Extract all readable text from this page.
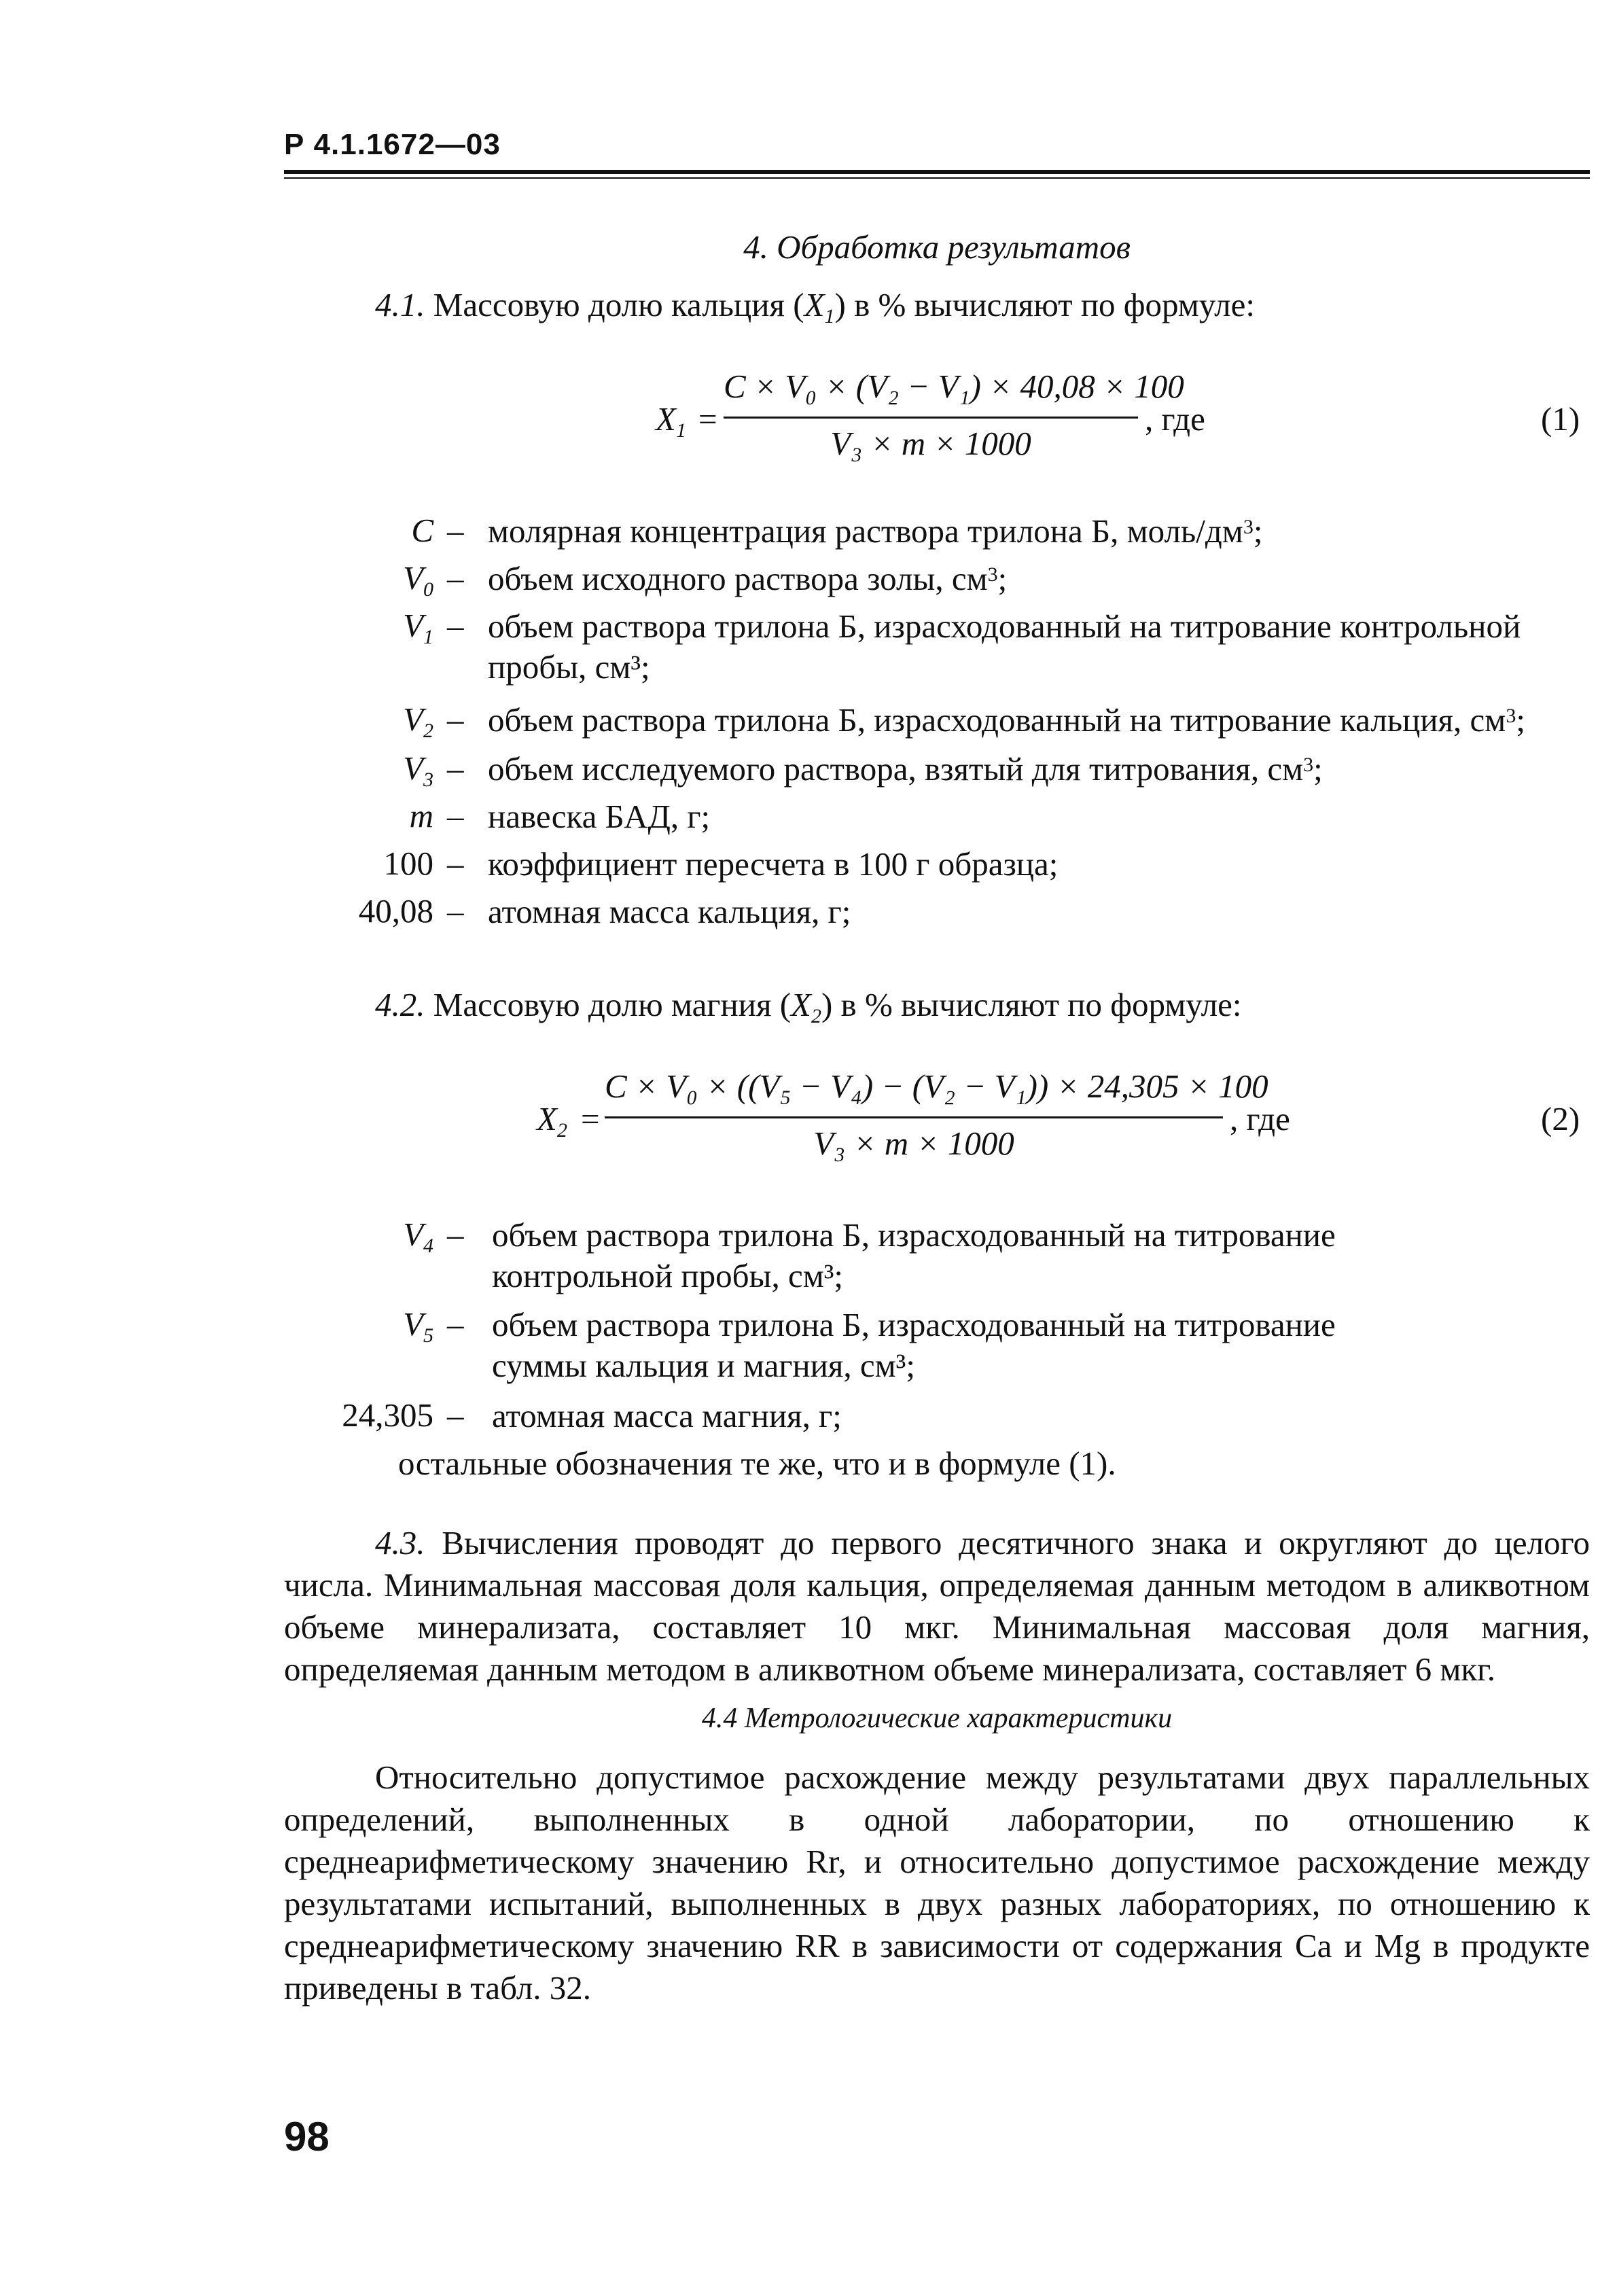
Р 4.1.1672—03
4. Обработка результатов
4.1. Массовую долю кальция $(X_1)$ в % вычисляют по формуле:
$X_1$ =
C × V₀ × (V₂ − V₁) × 40,08 × 100
V₃ × m × 1000
, где	(1)
C – молярная концентрация раствора трилона Б, моль/$дм^3$;
$V_0$ – объем исходного раствора золы, $см^3$;
$V_1$ – объем раствора трилона Б, израсходованный на титрование контрольной
пробы, см³;
$V_2$ – объем раствора трилона Б, израсходованный на титрование кальция, $см^3$;
$V_3$ – объем исследуемого раствора, взятый для титрования, $см^3$;
m – навеска БАД, г;
100 – коэффициент пересчета в 100 г образца;
40,08 – атомная масса кальция, г;
4.2. Массовую долю магния $(X_2)$ в % вычисляют по формуле:
$X_2$ =
C × V₀ × ((V₅ − V₄) − (V₂ − V₁)) × 24,305 × 100
V₃ × m × 1000
, где	(2)
$V_4$ – объем раствора трилона Б, израсходованный на титрование
контрольной пробы, см³;
$V_5$ – объем раствора трилона Б, израсходованный на титрование
суммы кальция и магния, см³;
24,305 – атомная масса магния, г;
остальные обозначения те же, что и в формуле (1).
4.3. Вычисления проводят до первого десятичного знака и округляют до целого числа. Минимальная массовая доля кальция, определяемая данным методом в аликвотном объеме минерализата, составляет 10 мкг. Минимальная массовая доля магния, определяемая данным методом в аликвотном объеме минерализата, составляет 6 мкг.
4.4 Метрологические характеристики
Относительно допустимое расхождение между результатами двух параллельных определений, выполненных в одной лаборатории, по отношению к среднеарифметическому значению Rr, и относительно допустимое расхождение между результатами испытаний, выполненных в двух разных лабораториях, по отношению к среднеарифметическому значению RR в зависимости от содержания Ca и Mg в продукте приведены в табл. 32.
98
